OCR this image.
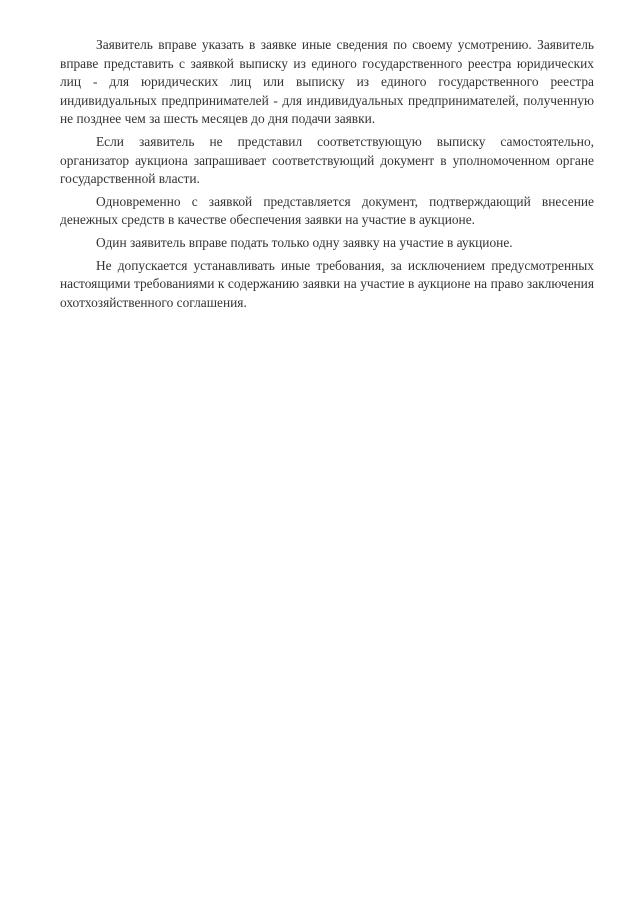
Заявитель вправе указать в заявке иные сведения по своему усмотрению. Заявитель вправе представить с заявкой выписку из единого государственного реестра юридических лиц - для юридических лиц или выписку из единого государственного реестра индивидуальных предпринимателей - для индивидуальных предпринимателей, полученную не позднее чем за шесть месяцев до дня подачи заявки.

Если заявитель не представил соответствующую выписку самостоятельно, организатор аукциона запрашивает соответствующий документ в уполномоченном органе государственной власти.

Одновременно с заявкой представляется документ, подтверждающий внесение денежных средств в качестве обеспечения заявки на участие в аукционе.

Один заявитель вправе подать только одну заявку на участие в аукционе.

Не допускается устанавливать иные требования, за исключением предусмотренных настоящими требованиями к содержанию заявки на участие в аукционе на право заключения охотхозяйственного соглашения.
